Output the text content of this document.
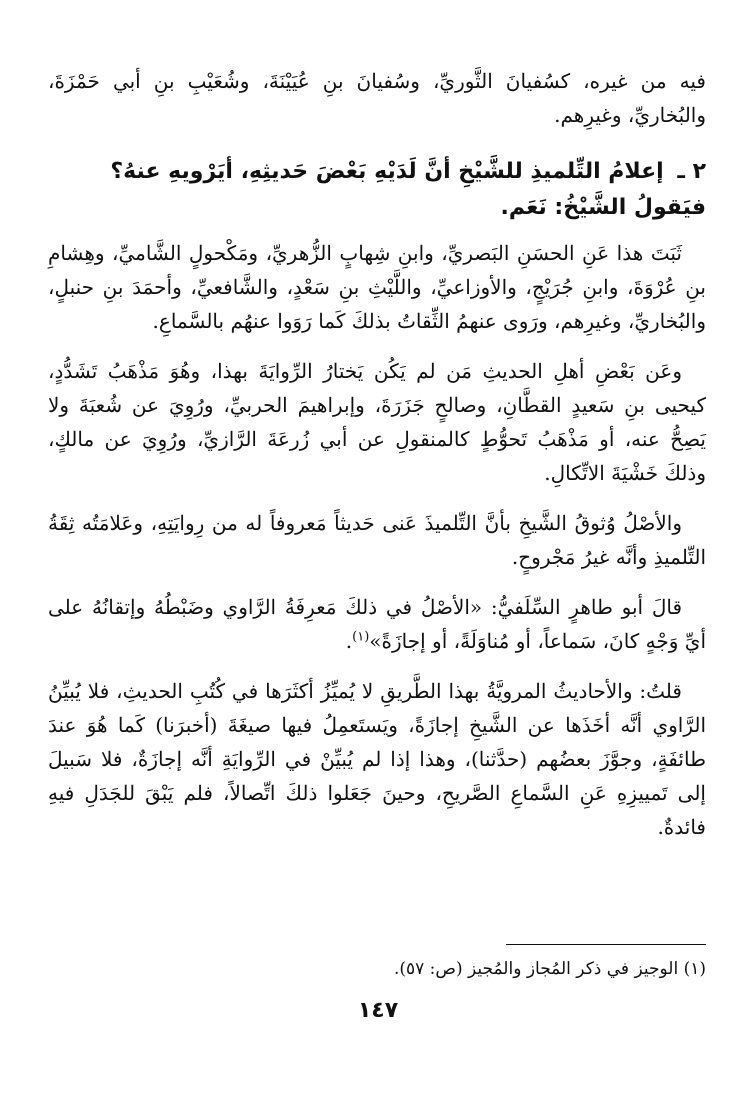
فيه من غيره، كسُفيانَ الثَّوريِّ، وسُفيانَ بنِ عُيَيْنَةَ، وشُعَيْبِ بنِ أبي حَمْزَةَ، والبُخاريِّ، وغيرِهم.

٢ ـ إعلامُ التِّلميذِ للشَّيْخِ أنَّ لَدَيْهِ بَعْضَ حَديثِهِ، أيَرْويهِ عنهُ؟ فيَقولُ الشَّيْخُ: نَعَم.

ثَبَتَ هذا عَنِ الحسَنِ البَصريِّ، وابنِ شِهابٍ الزُّهريِّ، ومَكْحولٍ الشَّاميِّ، وهِشامِ بنِ عُرْوَةَ، وابنِ جُرَيْجٍ، والأوزاعيِّ، واللَّيْثِ بنِ سَعْدٍ، والشَّافعيِّ، وأحمَدَ بنِ حنبلٍ، والبُخاريِّ، وغيرِهم، ورَوى عنهمُ الثِّقاتُ بذلكَ كَما رَوَوا عنهُم بالسَّماعِ.

وعَن بَعْضِ أهلِ الحديثِ مَن لم يَكُن يَختارُ الرِّوايَةَ بهذا، وهُوَ مَذْهَبُ تَشَدُّدٍ، كيحيى بنِ سَعيدٍ القطَّانِ، وصالحٍ جَزَرَةَ، وإبراهيمَ الحربيِّ، ورُوِيَ عن شُعبَةَ ولا يَصِحُّ عنه، أو مَذْهَبُ تَحوُّطٍ كالمنقولِ عن أبي زُرعَةَ الرَّازيِّ، ورُوِيَ عن مالكٍ، وذلكَ خَشْيَةَ الاتِّكالِ.

والأصْلُ وُثوقُ الشَّيخِ بأنَّ التِّلميذَ عَنى حَديثاً مَعروفاً له من رِوايَتِهِ، وعَلامَتُه ثِقَةُ التِّلميذِ وأنَّه غيرُ مَجْروحٍ.

قالَ أبو طاهرٍ السِّلَفيُّ: «الأصْلُ في ذلكَ مَعرِفَةُ الرَّاوي وضَبْطُهُ وإتقانُهُ على أيِّ وَجْهٍ كانَ، سَماعاً، أو مُناوَلَةً، أو إجازَةً»$^{(١)}$.

قلتُ: والأحاديثُ المرويَّةُ بهذا الطَّريقِ لا يُميِّزُ أكثَرَها في كُتُبِ الحديثِ، فلا يُبيِّنُ الرَّاوي أنَّه أخَذَها عن الشَّيخِ إجازَةً، ويَستَعمِلُ فيها صيغَةَ (أخبرَنا) كَما هُوَ عندَ طائفَةٍ، وجوَّزَ بعضُهم (حدَّثنا)، وهذا إذا لم يُبيِّنْ في الرِّوايَةِ أنَّه إجازَةٌ، فلا سَبيلَ إلى تَمييزِهِ عَنِ السَّماعِ الصَّريحِ، وحينَ جَعَلوا ذلكَ اتِّصالاً، فلم يَبْقَ للجَدَلِ فيهِ فائدةٌ.

(١) الوجيز في ذكر المُجاز والمُجيز (ص: ٥٧).

١٤٧
